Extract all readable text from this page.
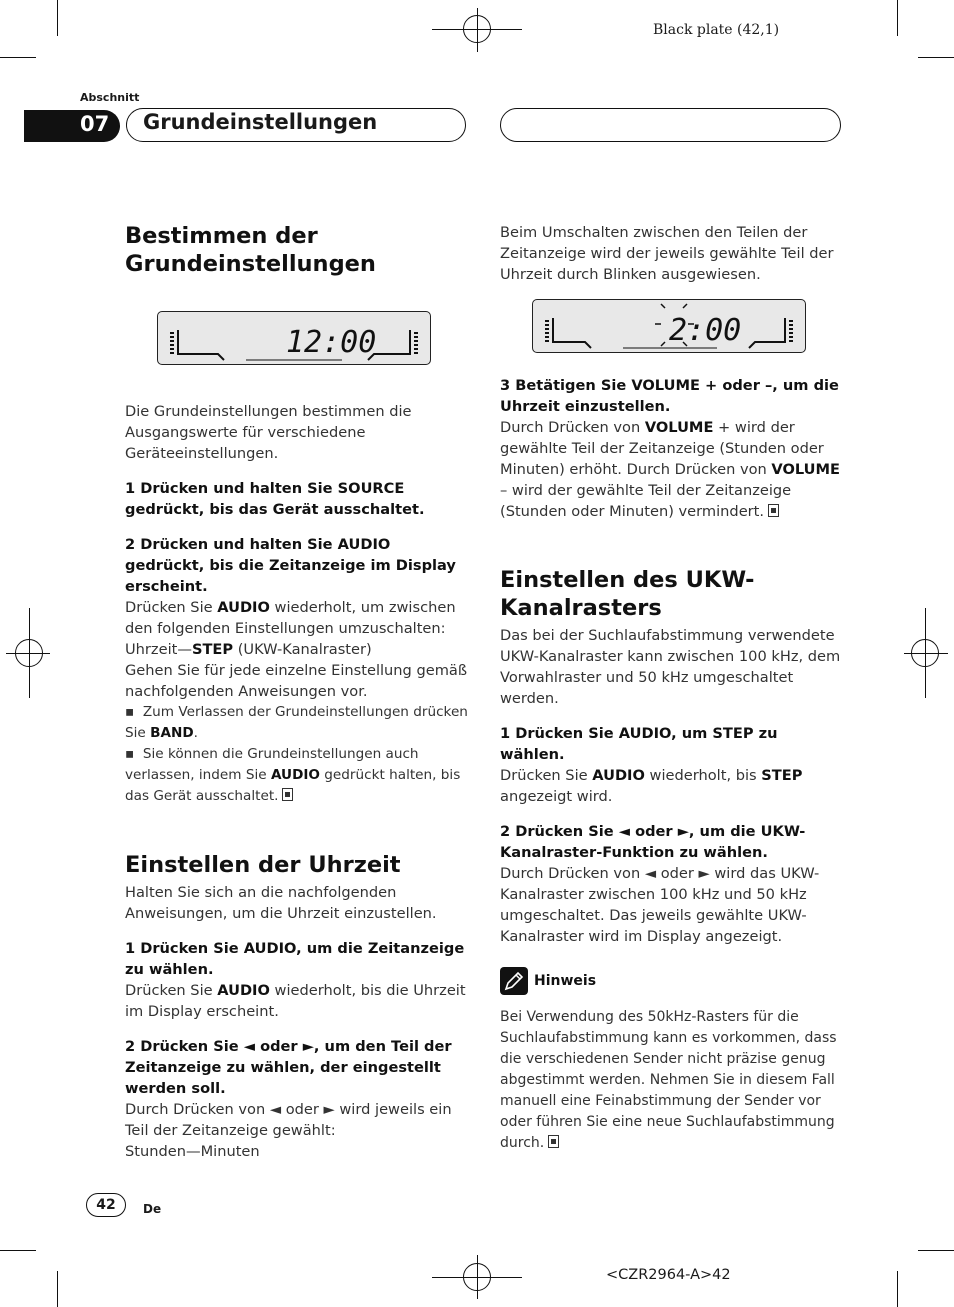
Black plate (42,1)
Abschnitt
07 Grundeinstellungen
Bestimmen der Grundeinstellungen
12:00

Die Grundeinstellungen bestimmen die Ausgangswerte für verschiedene Geräteeinstellungen.

1 Drücken und halten Sie SOURCE gedrückt, bis das Gerät ausschaltet.

2 Drücken und halten Sie AUDIO gedrückt, bis die Zeitanzeige im Display erscheint.

Drücken Sie AUDIO wiederholt, um zwischen den folgenden Einstellungen umzuschalten: Uhrzeit—STEP (UKW-Kanalraster)

Gehen Sie für jede einzelne Einstellung gemäß nachfolgenden Anweisungen vor.

▪  Zum Verlassen der Grundeinstellungen drücken Sie BAND.

▪  Sie können die Grundeinstellungen auch verlassen, indem Sie AUDIO gedrückt halten, bis das Gerät ausschaltet.

Einstellen der Uhrzeit

Halten Sie sich an die nachfolgenden Anweisungen, um die Uhrzeit einzustellen.

1 Drücken Sie AUDIO, um die Zeitanzeige zu wählen.

Drücken Sie AUDIO wiederholt, bis die Uhrzeit im Display erscheint.

2 Drücken Sie ◄ oder ►, um den Teil der Zeitanzeige zu wählen, der eingestellt werden soll.

Durch Drücken von ◄ oder ► wird jeweils ein Teil der Zeitanzeige gewählt:

Stunden—Minuten

Beim Umschalten zwischen den Teilen der Zeitanzeige wird der jeweils gewählte Teil der Uhrzeit durch Blinken ausgewiesen.

2:00

3 Betätigen Sie VOLUME + oder –, um die Uhrzeit einzustellen.

Durch Drücken von VOLUME + wird der gewählte Teil der Zeitanzeige (Stunden oder Minuten) erhöht. Durch Drücken von VOLUME – wird der gewählte Teil der Zeitanzeige (Stunden oder Minuten) vermindert.

Einstellen des UKW-Kanalrasters

Das bei der Suchlaufabstimmung verwendete UKW-Kanalraster kann zwischen 100 kHz, dem Vorwahlraster und 50 kHz umgeschaltet werden.

1 Drücken Sie AUDIO, um STEP zu wählen.

Drücken Sie AUDIO wiederholt, bis STEP angezeigt wird.

2 Drücken Sie ◄ oder ►, um die UKW-Kanalraster-Funktion zu wählen.

Durch Drücken von ◄ oder ► wird das UKW-Kanalraster zwischen 100 kHz und 50 kHz umgeschaltet. Das jeweils gewählte UKW-Kanalraster wird im Display angezeigt.

Hinweis

Bei Verwendung des 50kHz-Rasters für die Suchlaufabstimmung kann es vorkommen, dass die verschiedenen Sender nicht präzise genug abgestimmt werden. Nehmen Sie in diesem Fall manuell eine Feinabstimmung der Sender vor oder führen Sie eine neue Suchlaufabstimmung durch.

42	De
<CZR2964-A>42
